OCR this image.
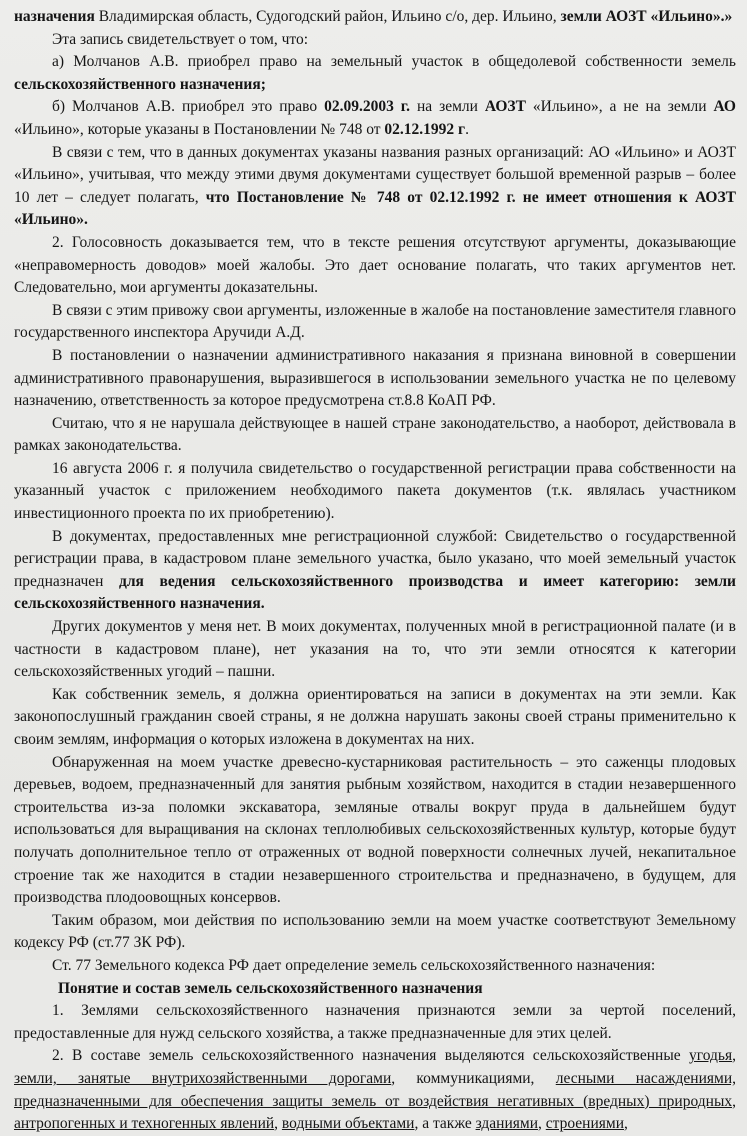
назначения Владимирская область, Судогодский район, Ильино с/о, дер. Ильино, земли АОЗТ «Ильино».»

Эта запись свидетельствует о том, что:

а) Молчанов А.В. приобрел право на земельный участок в общедолевой собственности земель сельскохозяйственного назначения;

б) Молчанов А.В. приобрел это право 02.09.2003 г. на земли АОЗТ «Ильино», а не на земли АО «Ильино», которые указаны в Постановлении № 748 от 02.12.1992 г.

В связи с тем, что в данных документах указаны названия разных организаций: АО «Ильино» и АОЗТ «Ильино», учитывая, что между этими двумя документами существует большой временной разрыв – более 10 лет – следует полагать, что Постановление № 748 от 02.12.1992 г. не имеет отношения к АОЗТ «Ильино».

2. Голосовность доказывается тем, что в тексте решения отсутствуют аргументы, доказывающие «неправомерность доводов» моей жалобы. Это дает основание полагать, что таких аргументов нет. Следовательно, мои аргументы доказательны.

В связи с этим привожу свои аргументы, изложенные в жалобе на постановление заместителя главного государственного инспектора Аручиди А.Д.

В постановлении о назначении административного наказания я признана виновной в совершении административного правонарушения, выразившегося в использовании земельного участка не по целевому назначению, ответственность за которое предусмотрена ст.8.8 КоАП РФ.

Считаю, что я не нарушала действующее в нашей стране законодательство, а наоборот, действовала в рамках законодательства.

16 августа 2006 г. я получила свидетельство о государственной регистрации права собственности на указанный участок с приложением необходимого пакета документов (т.к. являлась участником инвестиционного проекта по их приобретению).

В документах, предоставленных мне регистрационной службой: Свидетельство о государственной регистрации права, в кадастровом плане земельного участка, было указано, что моей земельный участок предназначен для ведения сельскохозяйственного производства и имеет категорию: земли сельскохозяйственного назначения.

Других документов у меня нет. В моих документах, полученных мной в регистрационной палате (и в частности в кадастровом плане), нет указания на то, что эти земли относятся к категории сельскохозяйственных угодий – пашни.

Как собственник земель, я должна ориентироваться на записи в документах на эти земли. Как законопослушный гражданин своей страны, я не должна нарушать законы своей страны применительно к своим землям, информация о которых изложена в документах на них.

Обнаруженная на моем участке древесно-кустарниковая растительность – это саженцы плодовых деревьев, водоем, предназначенный для занятия рыбным хозяйством, находится в стадии незавершенного строительства из-за поломки экскаватора, земляные отвалы вокруг пруда в дальнейшем будут использоваться для выращивания на склонах теплолюбивых сельскохозяйственных культур, которые будут получать дополнительное тепло от отраженных от водной поверхности солнечных лучей, некапитальное строение так же находится в стадии незавершенного строительства и предназначено, в будущем, для производства плодоовощных консервов.

Таким образом, мои действия по использованию земли на моем участке соответствуют Земельному кодексу РФ (ст.77 ЗК РФ).

Ст. 77 Земельного кодекса РФ дает определение земель сельскохозяйственного назначения:

Понятие и состав земель сельскохозяйственного назначения

1. Землями сельскохозяйственного назначения признаются земли за чертой поселений, предоставленные для нужд сельского хозяйства, а также предназначенные для этих целей.

2. В составе земель сельскохозяйственного назначения выделяются сельскохозяйственные угодья, земли, занятые внутрихозяйственными дорогами, коммуникациями, лесными насаждениями, предназначенными для обеспечения защиты земель от воздействия негативных (вредных) природных, антропогенных и техногенных явлений, водными объектами, а также зданиями, строениями,
